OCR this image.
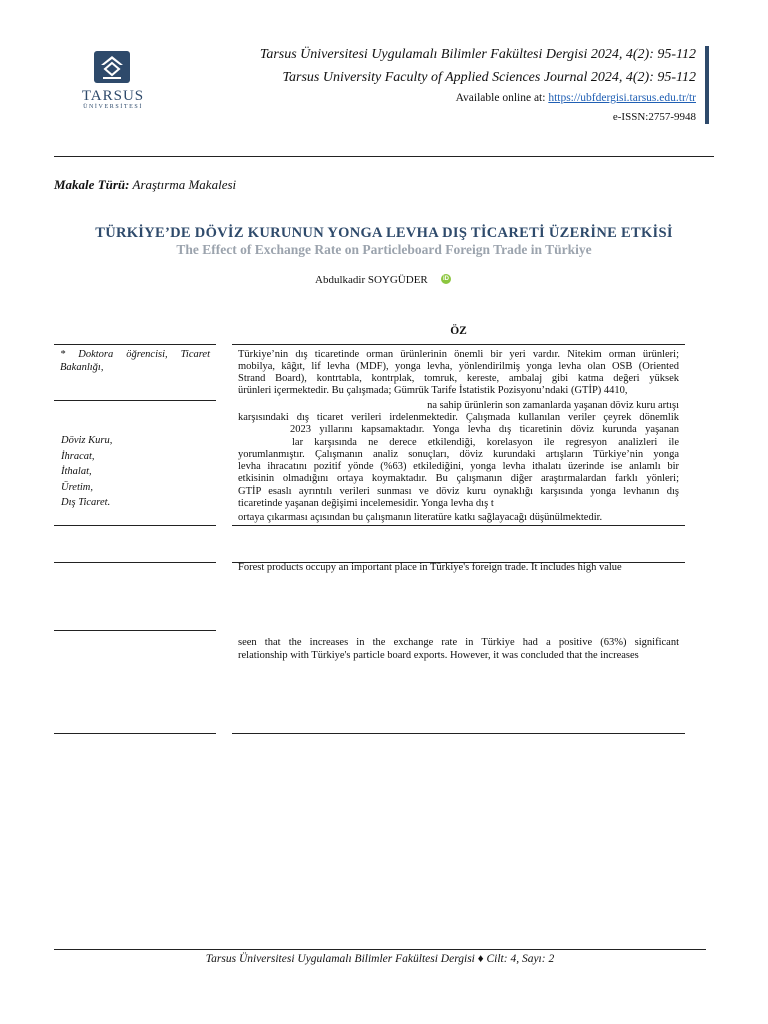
TARSUS
ÜNİVERSİTESİ
Tarsus Üniversitesi Uygulamalı Bilimler Fakültesi Dergisi 2024, 4(2): 95-112
Tarsus University Faculty of Applied Sciences Journal 2024, 4(2): 95-112
Available online at: https://ubfdergisi.tarsus.edu.tr/tr
e-ISSN:2757-9948
Makale Türü: Araştırma Makalesi
TÜRKİYE’DE DÖVİZ KURUNUN YONGA LEVHA DIŞ TİCARETİ ÜZERİNE ETKİSİ
The Effect of Exchange Rate on Particleboard Foreign Trade in Türkiye
Abdulkadir SOYGÜDER	iD
ÖZ
* Doktora öğrencisi, Ticaret Bakanlığı,
Döviz Kuru,
İhracat,
İthalat,
Üretim,
Dış Ticaret.
Türkiye’nin dış ticaretinde orman ürünlerinin önemli bir yeri vardır. Nitekim orman ürünleri;
mobilya, kâğıt, lif levha (MDF), yonga levha, yönlendirilmiş yonga levha olan OSB (Oriented
Strand Board), kontrtabla, kontrplak, tomruk, kereste, ambalaj gibi katma değeri yüksek
ürünleri içermektedir. Bu çalışmada; Gümrük Tarife İstatistik Pozisyonu’ndaki (GTİP) 4410,
na sahip ürünlerin son zamanlarda yaşanan döviz kuru artışı
karşısındaki dış ticaret verileri irdelenmektedir. Çalışmada kullanılan veriler çeyrek dönemlik
2023 yıllarını kapsamaktadır. Yonga levha dış ticaretinin döviz kurunda yaşanan
lar karşısında ne derece etkilendiği, korelasyon ile regresyon analizleri ile
yorumlanmıştır. Çalışmanın analiz sonuçları, döviz kurundaki artışların Türkiye’nin yonga
levha ihracatını pozitif yönde (%63) etkilediğini, yonga levha ithalatı üzerinde ise anlamlı bir
etkisinin olmadığını ortaya koymaktadır. Bu çalışmanın diğer araştırmalardan farklı yönleri;
GTİP esaslı ayrıntılı verileri sunması ve döviz kuru oynaklığı karşısında yonga levhanın dış
ticaretinde yaşanan değişimi incelemesidir. Yonga levha dış t
ortaya çıkarması açısından bu çalışmanın literatüre katkı sağlayacağı düşünülmektedir.
Forest products occupy an important place in Türkiye's foreign trade. It includes high value
seen that the increases in the exchange rate in Türkiye had a positive (63%) significant
relationship with Türkiye's particle board exports. However, it was concluded that the increases
Tarsus Üniversitesi Uygulamalı Bilimler Fakültesi Dergisi ♦ Cilt: 4, Sayı: 2
